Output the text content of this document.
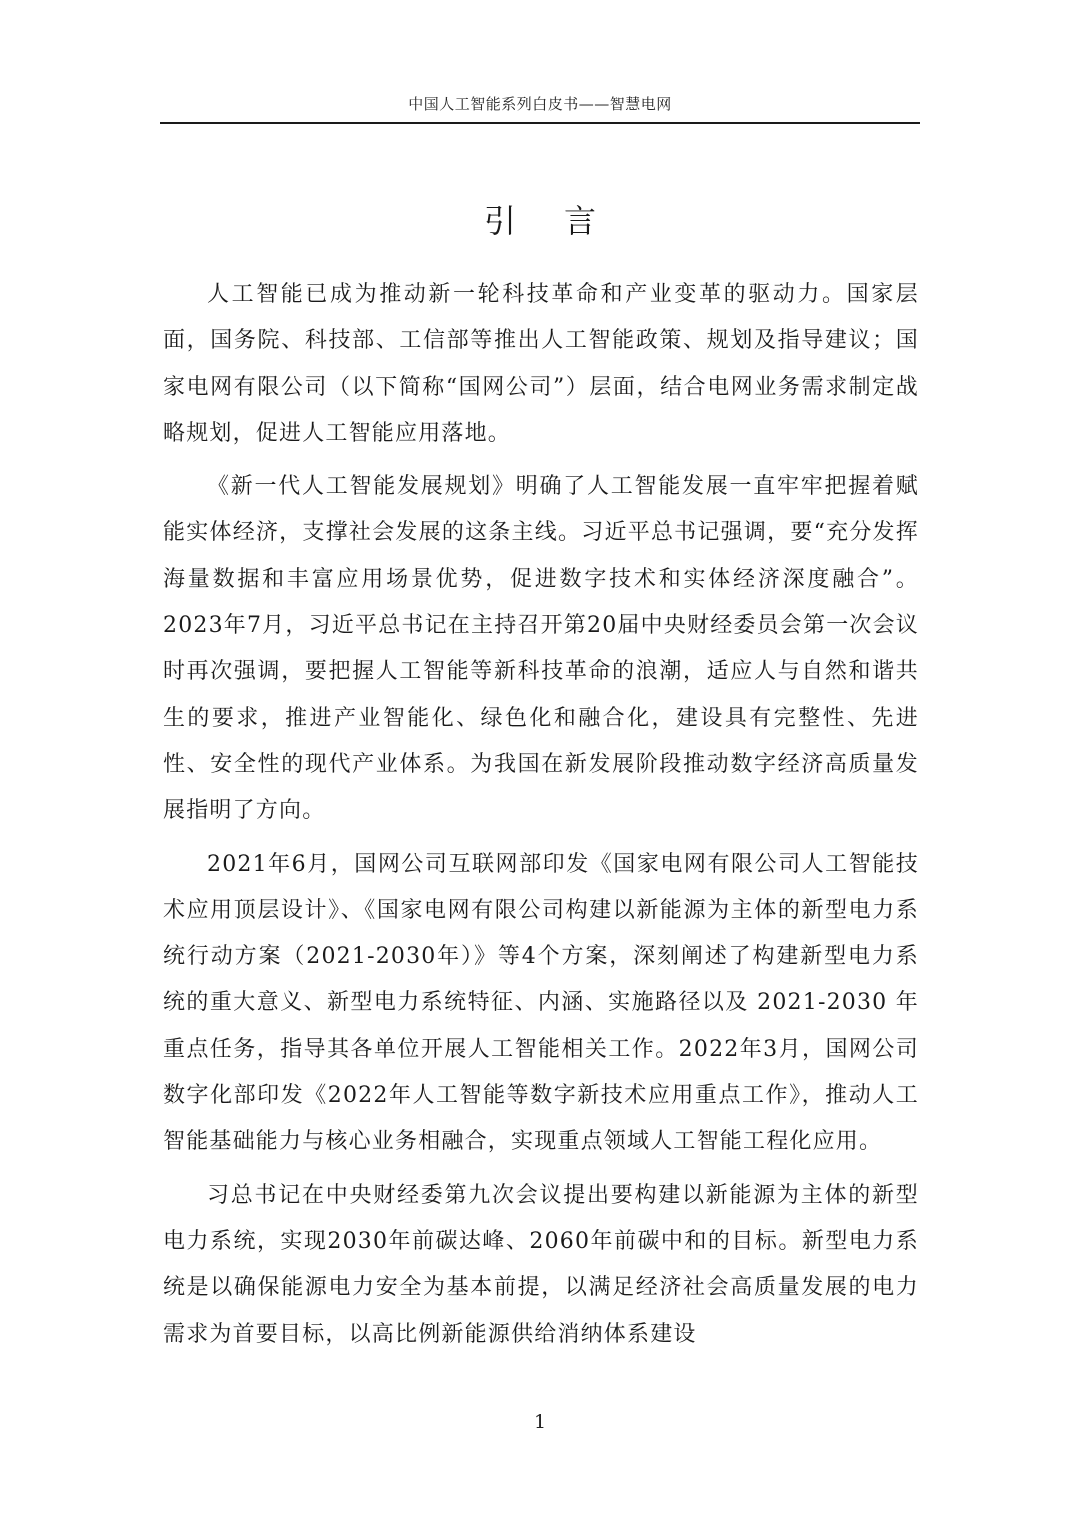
中国人工智能系列白皮书——智慧电网
引言

人工智能已成为推动新一轮科技革命和产业变革的驱动力。国家层面，国务院、科技部、工信部等推出人工智能政策、规划及指导建议；国家电网有限公司（以下简称“国网公司”）层面，结合电网业务需求制定战略规划，促进人工智能应用落地。

《新一代人工智能发展规划》明确了人工智能发展一直牢牢把握着赋能实体经济，支撑社会发展的这条主线。习近平总书记强调，要“充分发挥海量数据和丰富应用场景优势，促进数字技术和实体经济深度融合”。2023年7月，习近平总书记在主持召开第20届中央财经委员会第一次会议时再次强调，要把握人工智能等新科技革命的浪潮，适应人与自然和谐共生的要求，推进产业智能化、绿色化和融合化，建设具有完整性、先进性、安全性的现代产业体系。为我国在新发展阶段推动数字经济高质量发展指明了方向。

2021年6月，国网公司互联网部印发《国家电网有限公司人工智能技术应用顶层设计》、《国家电网有限公司构建以新能源为主体的新型电力系统行动方案（2021-2030年）》等4个方案，深刻阐述了构建新型电力系统的重大意义、新型电力系统特征、内涵、实施路径以及 2021-2030 年重点任务，指导其各单位开展人工智能相关工作。2022年3月，国网公司数字化部印发《2022年人工智能等数字新技术应用重点工作》，推动人工智能基础能力与核心业务相融合，实现重点领域人工智能工程化应用。

习总书记在中央财经委第九次会议提出要构建以新能源为主体的新型电力系统，实现2030年前碳达峰、2060年前碳中和的目标。新型电力系统是以确保能源电力安全为基本前提，以满足经济社会高质量发展的电力需求为首要目标，以高比例新能源供给消纳体系建设

1
